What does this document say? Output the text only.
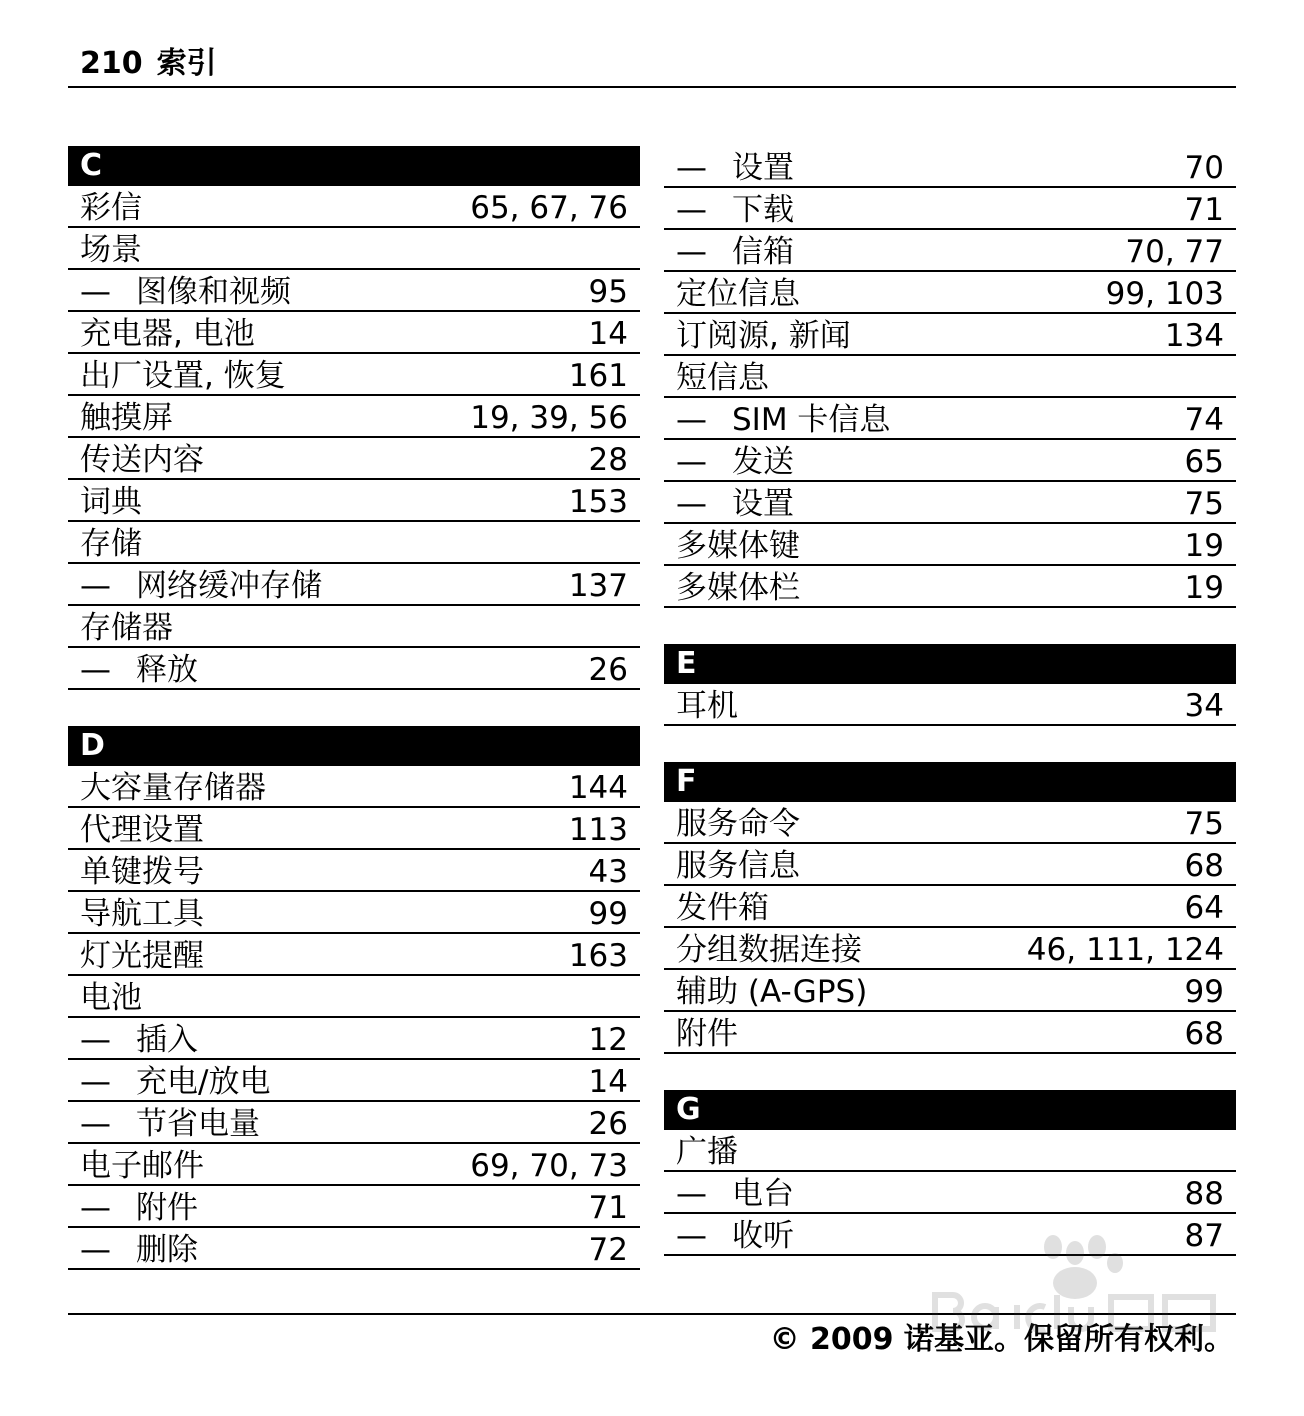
210 索引
C
彩信	65, 67, 76
场景
— 图像和视频	95
充电器, 电池	14
出厂设置, 恢复	161
触摸屏	19, 39, 56
传送内容	28
词典	153
存储
— 网络缓冲存储	137
存储器
— 释放	26
D
大容量存储器	144
代理设置	113
单键拨号	43
导航工具	99
灯光提醒	163
电池
— 插入	12
— 充电/放电	14
— 节省电量	26
电子邮件	69, 70, 73
— 附件	71
— 删除	72
— 设置	70
— 下载	71
— 信箱	70, 77
定位信息	99, 103
订阅源, 新闻	134
短信息
— SIM 卡信息	74
— 发送	65
— 设置	75
多媒体键	19
多媒体栏	19
E
耳机	34
F
服务命令	75
服务信息	68
发件箱	64
分组数据连接	46, 111, 124
辅助 (A-GPS)	99
附件	68
G
广播
— 电台	88
— 收听	87
© 2009 诺基亚。保留所有权利。
